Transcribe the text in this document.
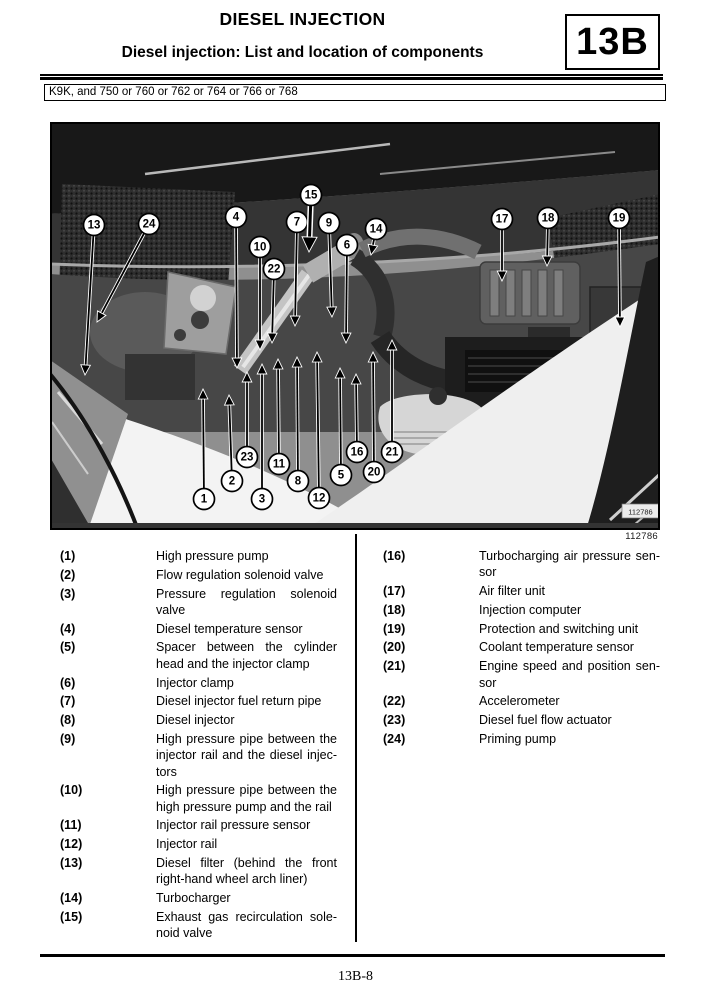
DIESEL INJECTION
Diesel injection: List and location of components	13B
K9K, and 750 or 760 or 762 or 764 or 766 or 768
112786
1
2
3
4
5
6
7
8
9
10
11
12
13	14
15
16
17	18	19
20
21
22
23
24
112786
(1)	High pressure pump
(2)	Flow regulation solenoid valve
(3)	Pressure regulation solenoid valve
(4)	Diesel temperature sensor
(5)	Spacer between the cylinder head and the injector clamp
(6)	Injector clamp
(7)	Diesel injector fuel return pipe
(8)	Diesel injector
(9)	High pressure pipe between the injector rail and the diesel injectors
(10)	High pressure pipe between the high pressure pump and the rail
(11)	Injector rail pressure sensor
(12)	Injector rail
(13)	Diesel filter (behind the front right-hand wheel arch liner)
(14)	Turbocharger
(15)	Exhaust gas recirculation solenoid valve
(16)	Turbocharging air pressure sensor
(17)	Air filter unit
(18)	Injection computer
(19)	Protection and switching unit
(20)	Coolant temperature sensor
(21)	Engine speed and position sensor
(22)	Accelerometer
(23)	Diesel fuel flow actuator
(24)	Priming pump
13B-8
